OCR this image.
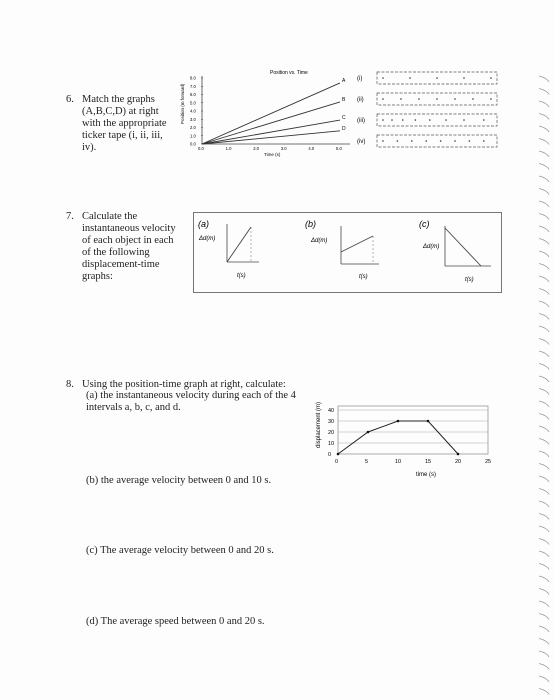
6. Match the graphs
(A,B,C,D) at right
with the appropriate
ticker tape (i, ii, iii,
iv).
Position vs. Time
Position (m forward)
0.0
1.0
2.0
3.0
4.0
5.0
6.0
7.0
8.0	A
B
C
D
0.0	1.0	2.0	3.0	4.0	5.0
Time (s)
(i)
(ii)
(iii)
(iv)
7. Calculate the
instantaneous velocity
of each object in each
of the following
displacement-time
graphs:
(a)
Δd(m)
t(s)
(b)
Δd(m)
t(s)
(c)
Δd(m)
t(s)
8. Using the position-time graph at right, calculate:
(a) the instantaneous velocity during each of the 4
intervals a, b, c, and d.
(b) the average velocity between 0 and 10 s.
(c) The average velocity between 0 and 20 s.
(d) The average speed between 0 and 20 s.
displacement (m)
0
10
20
30
40
0	5	10	15	20	25
time (s)
